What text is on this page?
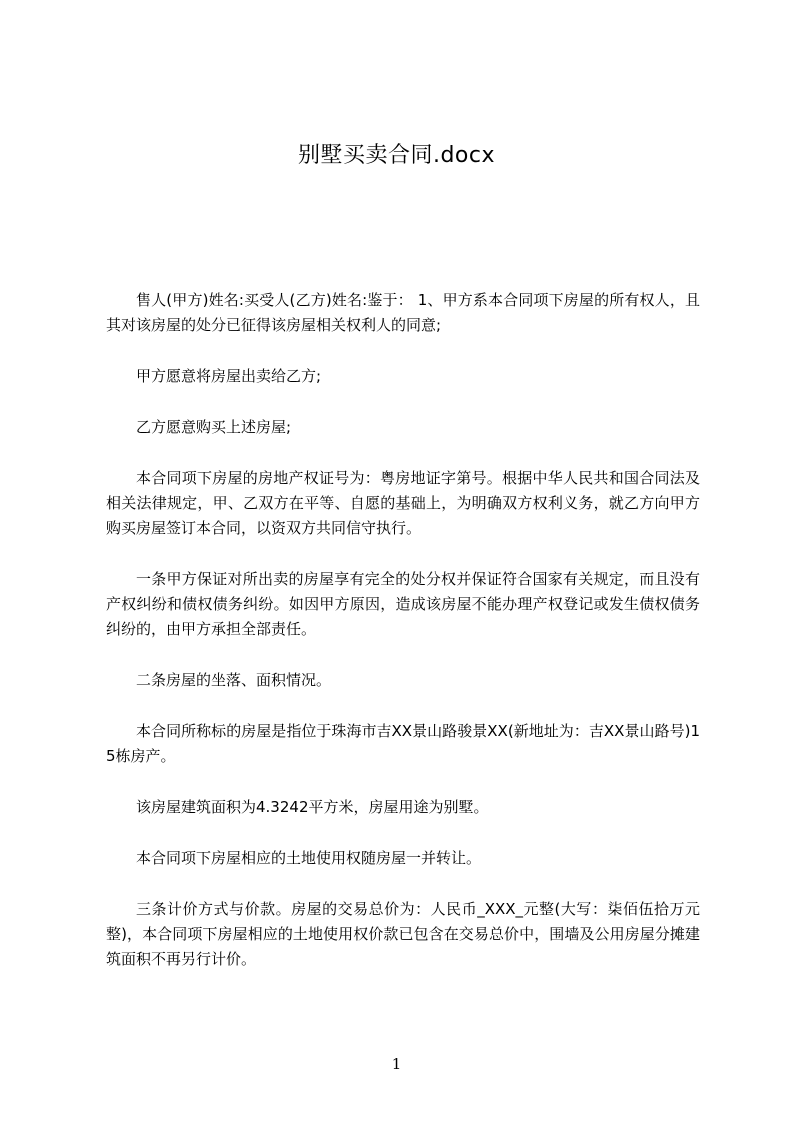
别墅买卖合同.docx

售人(甲方)姓名:买受人(乙方)姓名:鉴于： 1、甲方系本合同项下房屋的所有权人，且其对该房屋的处分已征得该房屋相关权利人的同意;

甲方愿意将房屋出卖给乙方;

乙方愿意购买上述房屋;

本合同项下房屋的房地产权证号为：粤房地证字第号。根据中华人民共和国合同法及相关法律规定，甲、乙双方在平等、自愿的基础上，为明确双方权利义务，就乙方向甲方购买房屋签订本合同，以资双方共同信守执行。

一条甲方保证对所出卖的房屋享有完全的处分权并保证符合国家有关规定，而且没有产权纠纷和债权债务纠纷。如因甲方原因，造成该房屋不能办理产权登记或发生债权债务纠纷的，由甲方承担全部责任。

二条房屋的坐落、面积情况。

本合同所称标的房屋是指位于珠海市吉XX景山路骏景XX(新地址为：吉XX景山路号)15栋房产。

该房屋建筑面积为4.3242平方米，房屋用途为别墅。

本合同项下房屋相应的土地使用权随房屋一并转让。

三条计价方式与价款。房屋的交易总价为：人民币_XXX_元整(大写：柒佰伍拾万元整)，本合同项下房屋相应的土地使用权价款已包含在交易总价中，围墙及公用房屋分摊建筑面积不再另行计价。

1
